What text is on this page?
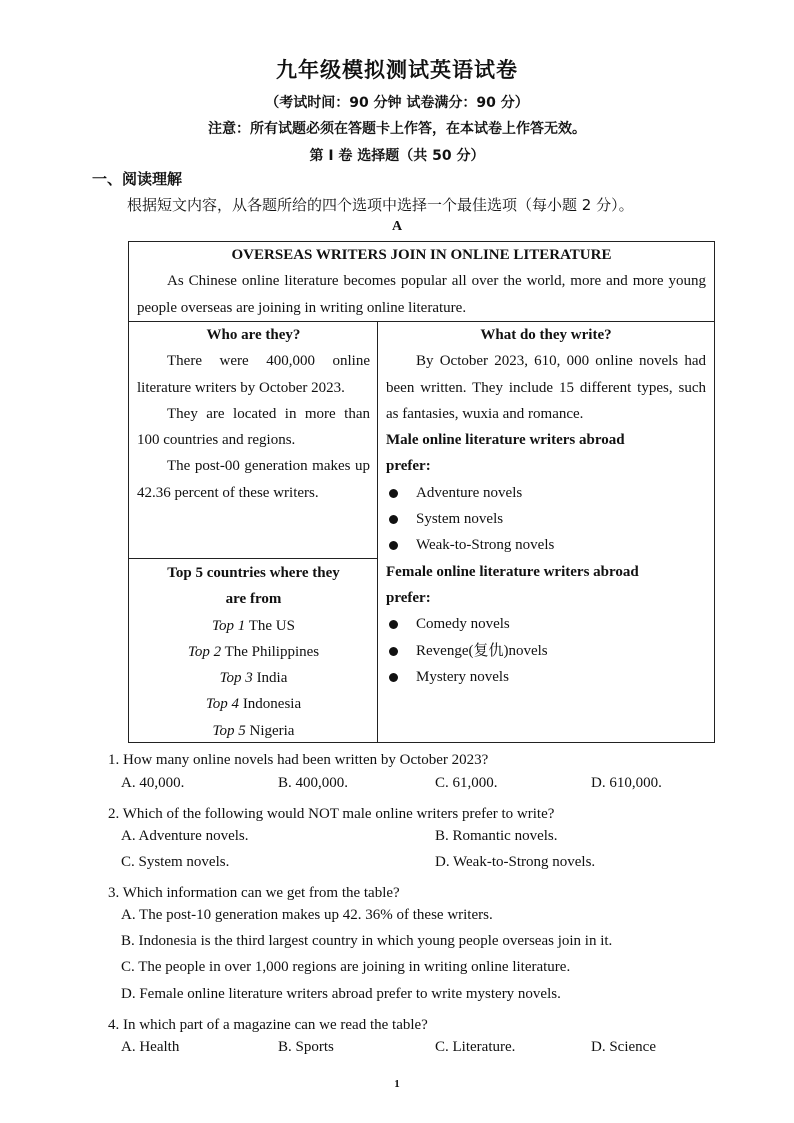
九年级模拟测试英语试卷
（考试时间：90 分钟 试卷满分：90 分）
注意：所有试题必须在答题卡上作答，在本试卷上作答无效。
第 Ⅰ 卷 选择题（共 50 分）
一、阅读理解
根据短文内容，从各题所给的四个选项中选择一个最佳选项（每小题 2 分）。
A

OVERSEAS WRITERS JOIN IN ONLINE LITERATURE

As Chinese online literature becomes popular all over the world, more and more young people overseas are joining in writing online literature.

Who are they?

There were 400,000 online literature writers by October 2023.

They are located in more than 100 countries and regions.

The post-00 generation makes up 42.36 percent of these writers.

Top 5 countries where they

are from

Top 1 The US

Top 2 The Philippines

Top 3 India

Top 4 Indonesia

Top 5 Nigeria

What do they write?

By October 2023, 610, 000 online novels had been written. They include 15 different types, such as fantasies, wuxia and romance.

Male online literature writers abroad

prefer:

Adventure novels
System novels
Weak-to-Strong novels

Female online literature writers abroad

prefer:

Comedy novels
Revenge(复仇)novels
Mystery novels
1. How many online novels had been written by October 2023?
A. 40,000.	B. 400,000.	C. 61,000.	D. 610,000.
2. Which of the following would NOT male online writers prefer to write?
A. Adventure novels.	B. Romantic novels.
C. System novels.	D. Weak-to-Strong novels.
3. Which information can we get from the table?
A. The post-10 generation makes up 42. 36% of these writers.
B. Indonesia is the third largest country in which young people overseas join in it.
C. The people in over 1,000 regions are joining in writing online literature.
D. Female online literature writers abroad prefer to write mystery novels.
4. In which part of a magazine can we read the table?
A. Health	B. Sports	C. Literature.	D. Science
1
